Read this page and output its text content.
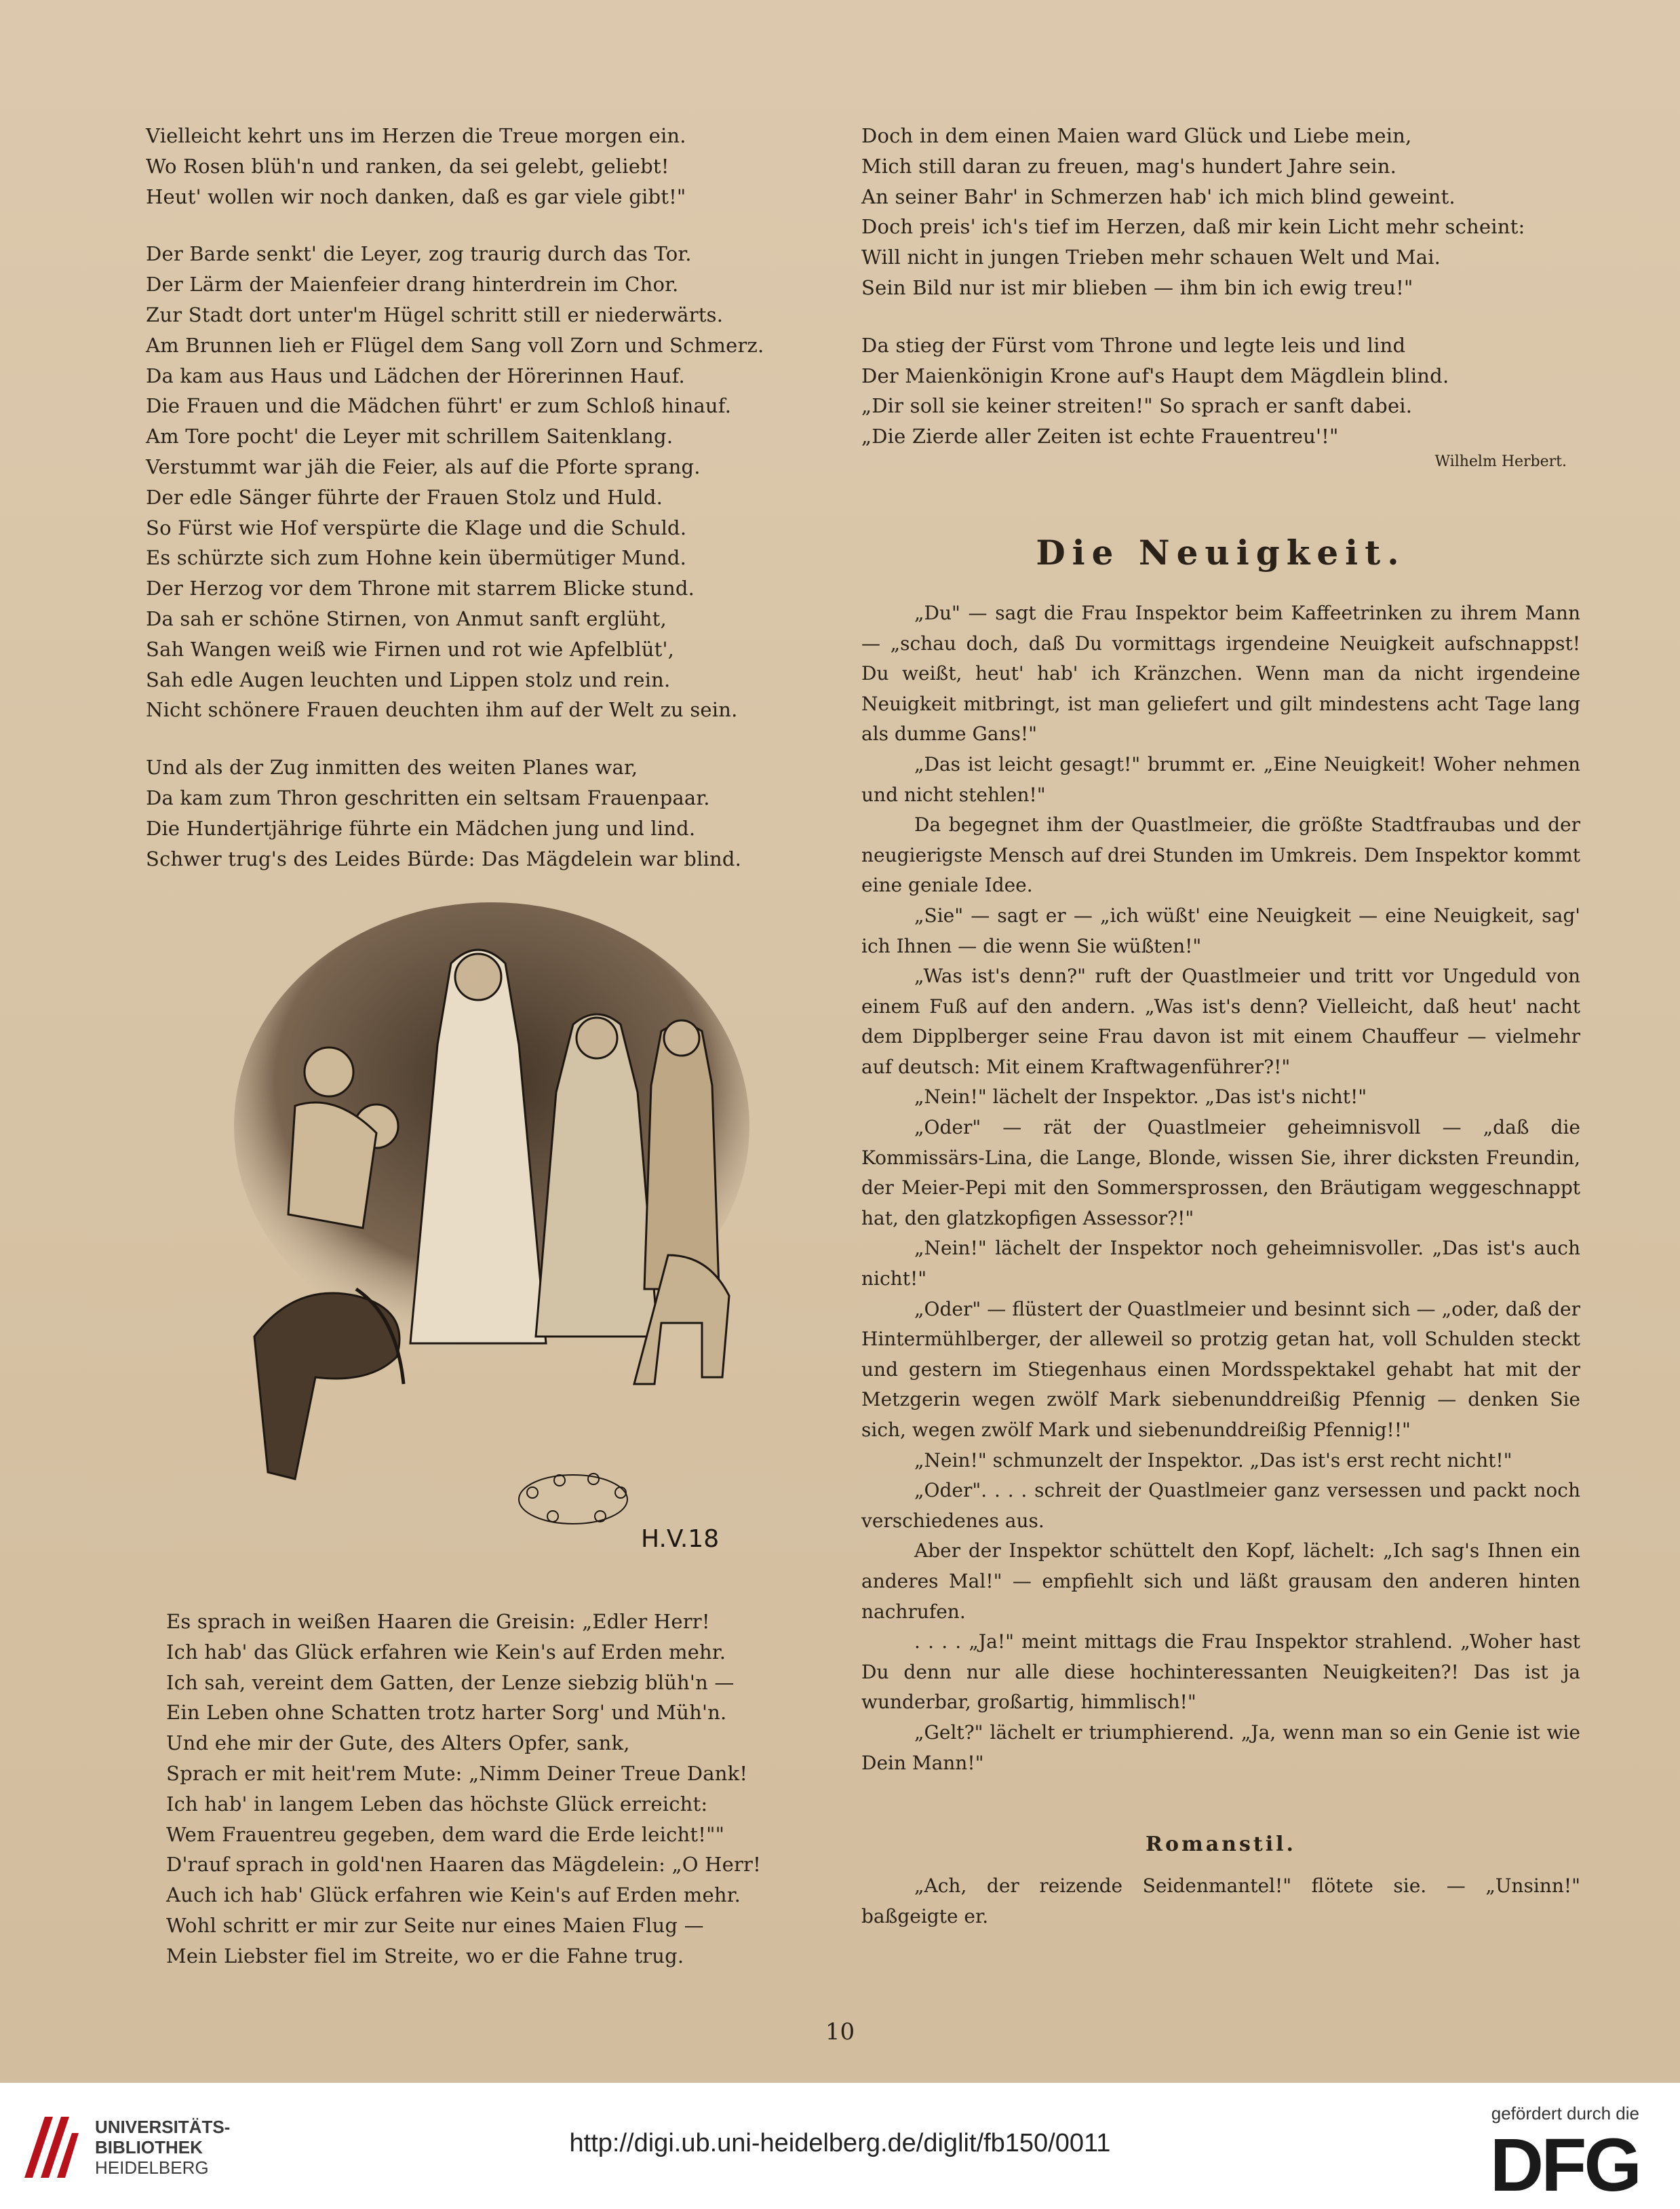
Vielleicht kehrt uns im Herzen die Treue morgen ein.
Wo Rosen blüh'n und ranken, da sei gelebt, geliebt!
Heut' wollen wir noch danken, daß es gar viele gibt!"
Der Barde senkt' die Leyer, zog traurig durch das Tor.
Der Lärm der Maienfeier drang hinterdrein im Chor.
Zur Stadt dort unter'm Hügel schritt still er niederwärts.
Am Brunnen lieh er Flügel dem Sang voll Zorn und Schmerz.
Da kam aus Haus und Lädchen der Hörerinnen Hauf.
Die Frauen und die Mädchen führt' er zum Schloß hinauf.
Am Tore pocht' die Leyer mit schrillem Saitenklang.
Verstummt war jäh die Feier, als auf die Pforte sprang.
Der edle Sänger führte der Frauen Stolz und Huld.
So Fürst wie Hof verspürte die Klage und die Schuld.
Es schürzte sich zum Hohne kein übermütiger Mund.
Der Herzog vor dem Throne mit starrem Blicke stund.
Da sah er schöne Stirnen, von Anmut sanft erglüht,
Sah Wangen weiß wie Firnen und rot wie Apfelblüt',
Sah edle Augen leuchten und Lippen stolz und rein.
Nicht schönere Frauen deuchten ihm auf der Welt zu sein.
Und als der Zug inmitten des weiten Planes war,
Da kam zum Thron geschritten ein seltsam Frauenpaar.
Die Hundertjährige führte ein Mädchen jung und lind.
Schwer trug's des Leides Bürde: Das Mägdelein war blind.
H.V.18
Es sprach in weißen Haaren die Greisin: „Edler Herr!
Ich hab' das Glück erfahren wie Kein's auf Erden mehr.
Ich sah, vereint dem Gatten, der Lenze siebzig blüh'n —
Ein Leben ohne Schatten trotz harter Sorg' und Müh'n.
Und ehe mir der Gute, des Alters Opfer, sank,
Sprach er mit heit'rem Mute: „Nimm Deiner Treue Dank!
Ich hab' in langem Leben das höchste Glück erreicht:
Wem Frauentreu gegeben, dem ward die Erde leicht!""
D'rauf sprach in gold'nen Haaren das Mägdelein: „O Herr!
Auch ich hab' Glück erfahren wie Kein's auf Erden mehr.
Wohl schritt er mir zur Seite nur eines Maien Flug —
Mein Liebster fiel im Streite, wo er die Fahne trug.
Doch in dem einen Maien ward Glück und Liebe mein,
Mich still daran zu freuen, mag's hundert Jahre sein.
An seiner Bahr' in Schmerzen hab' ich mich blind geweint.
Doch preis' ich's tief im Herzen, daß mir kein Licht mehr scheint:
Will nicht in jungen Trieben mehr schauen Welt und Mai.
Sein Bild nur ist mir blieben — ihm bin ich ewig treu!"
Da stieg der Fürst vom Throne und legte leis und lind
Der Maienkönigin Krone auf's Haupt dem Mägdlein blind.
„Dir soll sie keiner streiten!" So sprach er sanft dabei.
„Die Zierde aller Zeiten ist echte Frauentreu'!"
Wilhelm Herbert.
Die Neuigkeit.

„Du" — sagt die Frau Inspektor beim Kaffeetrinken zu ihrem Mann — „schau doch, daß Du vormittags irgendeine Neuigkeit aufschnappst! Du weißt, heut' hab' ich Kränzchen. Wenn man da nicht irgendeine Neuigkeit mitbringt, ist man geliefert und gilt mindestens acht Tage lang als dumme Gans!"

„Das ist leicht gesagt!" brummt er. „Eine Neuigkeit! Woher nehmen und nicht stehlen!"

Da begegnet ihm der Quastlmeier, die größte Stadtfraubas und der neugierigste Mensch auf drei Stunden im Umkreis. Dem Inspektor kommt eine geniale Idee.

„Sie" — sagt er — „ich wüßt' eine Neuigkeit — eine Neuigkeit, sag' ich Ihnen — die wenn Sie wüßten!"

„Was ist's denn?" ruft der Quastlmeier und tritt vor Ungeduld von einem Fuß auf den andern. „Was ist's denn? Vielleicht, daß heut' nacht dem Dipplberger seine Frau davon ist mit einem Chauffeur — vielmehr auf deutsch: Mit einem Kraftwagenführer?!"

„Nein!" lächelt der Inspektor. „Das ist's nicht!"

„Oder" — rät der Quastlmeier geheimnisvoll — „daß die Kommissärs-Lina, die Lange, Blonde, wissen Sie, ihrer dicksten Freundin, der Meier-Pepi mit den Sommersprossen, den Bräutigam weggeschnappt hat, den glatzkopfigen Assessor?!"

„Nein!" lächelt der Inspektor noch geheimnisvoller. „Das ist's auch nicht!"

„Oder" — flüstert der Quastlmeier und besinnt sich — „oder, daß der Hintermühlberger, der alleweil so protzig getan hat, voll Schulden steckt und gestern im Stiegenhaus einen Mordsspektakel gehabt hat mit der Metzgerin wegen zwölf Mark siebenunddreißig Pfennig — denken Sie sich, wegen zwölf Mark und siebenunddreißig Pfennig!!"

„Nein!" schmunzelt der Inspektor. „Das ist's erst recht nicht!"

„Oder". . . . schreit der Quastlmeier ganz versessen und packt noch verschiedenes aus.

Aber der Inspektor schüttelt den Kopf, lächelt: „Ich sag's Ihnen ein anderes Mal!" — empfiehlt sich und läßt grausam den anderen hinten nachrufen.

. . . . „Ja!" meint mittags die Frau Inspektor strahlend. „Woher hast Du denn nur alle diese hochinteressanten Neuigkeiten?! Das ist ja wunderbar, großartig, himmlisch!"

„Gelt?" lächelt er triumphierend. „Ja, wenn man so ein Genie ist wie Dein Mann!"

Romanstil.

„Ach, der reizende Seidenmantel!" flötete sie. — „Unsinn!" baßgeigte er.

10
UNIVERSITÄTS-
BIBLIOTHEK
HEIDELBERG
http://digi.ub.uni-heidelberg.de/diglit/fb150/0011
gefördert durch die
DFG
